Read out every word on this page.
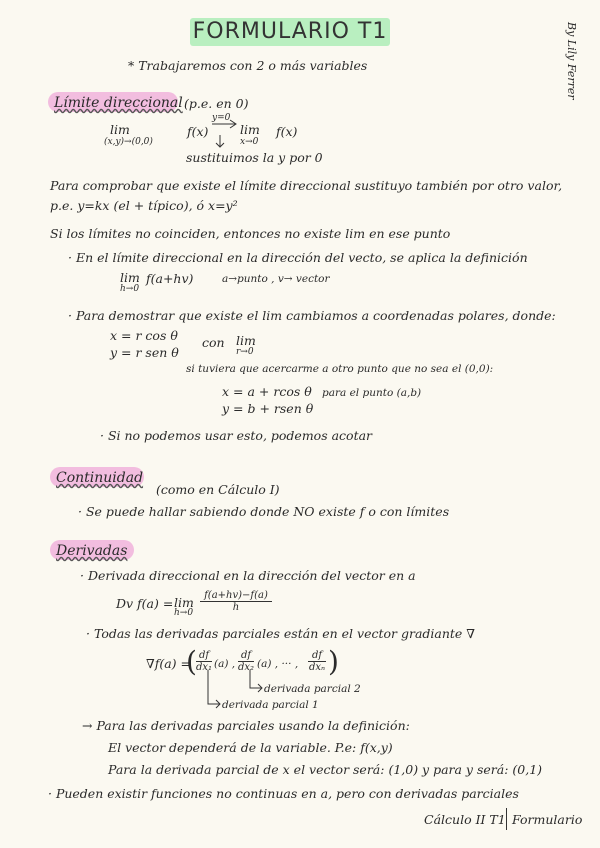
FORMULARIO T1	By Lily Ferrer
* Trabajaremos con 2 o más variables
Límite direccional (p.e. en 0)
lim
(x,y)→(0,0)
f(x)
y=0
lim
x→0
f(x)
sustituimos la y por 0
Para comprobar que existe el límite direccional sustituyo también por otro valor,
p.e. y=kx (el + típico), ó x=y²
Si los límites no coinciden, entonces no existe lim en ese punto
· En el límite direccional en la dirección del vecto, se aplica la definición
lim
h→0
f(a+hv)	a→punto , v→ vector
· Para demostrar que existe el lim cambiamos a coordenadas polares, donde:
x = r cos θ
y = r sen θ
con lim
r→0
si tuviera que acercarme a otro punto que no sea el (0,0):
x = a + rcos θ
y = b + rsen θ
para el punto (a,b)
· Si no podemos usar esto, podemos acotar
Continuidad
(como en Cálculo I)
· Se puede hallar sabiendo donde NO existe f o con límites
Derivadas
· Derivada direccional en la dirección del vector en a
Dv f(a) = lim
$h\to 0 \frac{f(a+hv)-f(a)}{h}$
· Todas las derivadas parciales están en el vector gradiante ∇
∇f(a) =
( $\frac{df}{\text{dx₁}} (a)$ , $\frac{df}{\text{dx₂}} (a)$ , ··· ,
df
dxₙ )
derivada parcial 2
derivada parcial 1
→ Para las derivadas parciales usando la definición:
El vector dependerá de la variable. P.e: f(x,y)
Para la derivada parcial de x el vector será: (1,0) y para y será: (0,1)
· Pueden existir funciones no continuas en a, pero con derivadas parciales
Cálculo II T1 Formulario
